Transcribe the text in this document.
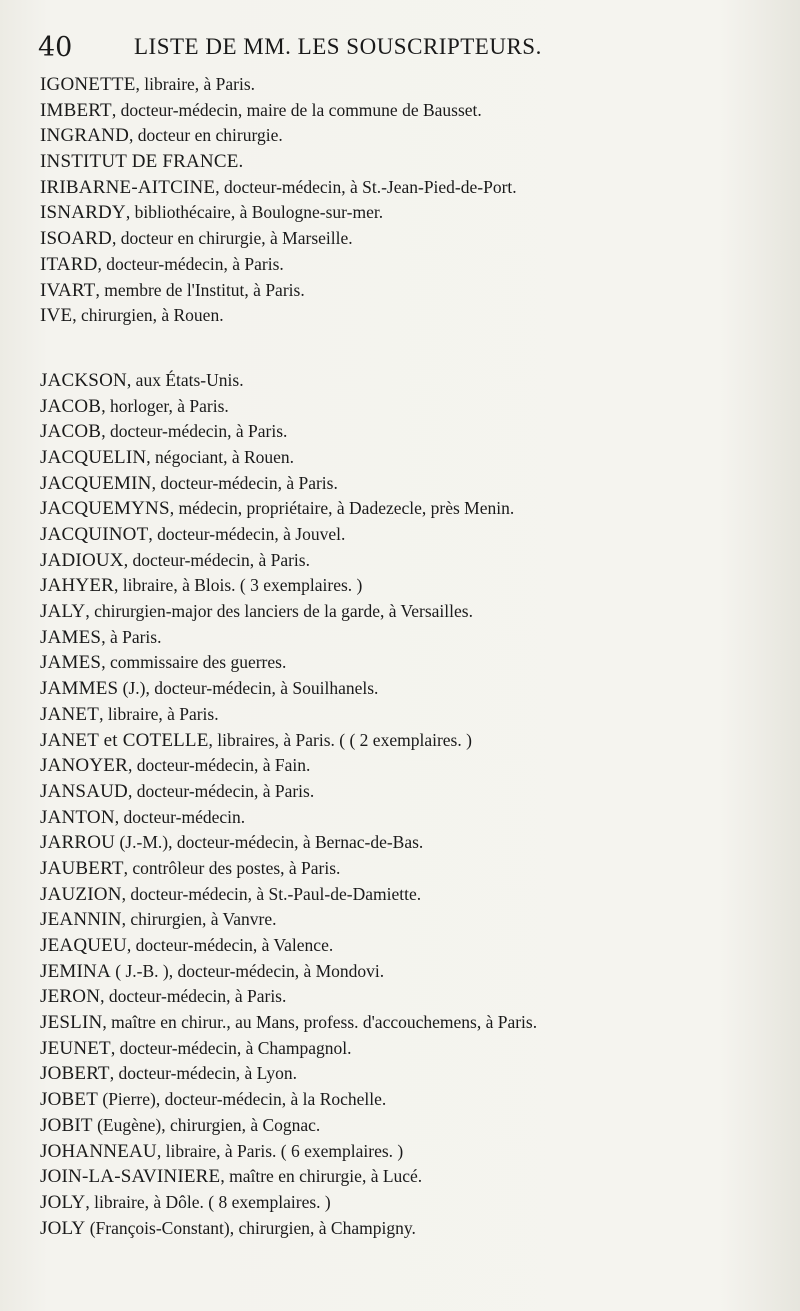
40	LISTE DE MM. LES SOUSCRIPTEURS.
IGONETTE, libraire, à Paris.
IMBERT, docteur-médecin, maire de la commune de Bausset.
INGRAND, docteur en chirurgie.
INSTITUT DE FRANCE.
IRIBARNE-AITCINE, docteur-médecin, à St.-Jean-Pied-de-Port.
ISNARDY, bibliothécaire, à Boulogne-sur-mer.
ISOARD, docteur en chirurgie, à Marseille.
ITARD, docteur-médecin, à Paris.
IVART, membre de l'Institut, à Paris.
IVE, chirurgien, à Rouen.
JACKSON, aux États-Unis.
JACOB, horloger, à Paris.
JACOB, docteur-médecin, à Paris.
JACQUELIN, négociant, à Rouen.
JACQUEMIN, docteur-médecin, à Paris.
JACQUEMYNS, médecin, propriétaire, à Dadezecle, près Menin.
JACQUINOT, docteur-médecin, à Jouvel.
JADIOUX, docteur-médecin, à Paris.
JAHYER, libraire, à Blois. ( 3 exemplaires. )
JALY, chirurgien-major des lanciers de la garde, à Versailles.
JAMES, à Paris.
JAMES, commissaire des guerres.
JAMMES (J.), docteur-médecin, à Souilhanels.
JANET, libraire, à Paris.
JANET et COTELLE, libraires, à Paris. ( ( 2 exemplaires. )
JANOYER, docteur-médecin, à Fain.
JANSAUD, docteur-médecin, à Paris.
JANTON, docteur-médecin.
JARROU (J.-M.), docteur-médecin, à Bernac-de-Bas.
JAUBERT, contrôleur des postes, à Paris.
JAUZION, docteur-médecin, à St.-Paul-de-Damiette.
JEANNIN, chirurgien, à Vanvre.
JEAQUEU, docteur-médecin, à Valence.
JEMINA ( J.-B. ), docteur-médecin, à Mondovi.
JERON, docteur-médecin, à Paris.
JESLIN, maître en chirur., au Mans, profess. d'accouchemens, à Paris.
JEUNET, docteur-médecin, à Champagnol.
JOBERT, docteur-médecin, à Lyon.
JOBET (Pierre), docteur-médecin, à la Rochelle.
JOBIT (Eugène), chirurgien, à Cognac.
JOHANNEAU, libraire, à Paris. ( 6 exemplaires. )
JOIN-LA-SAVINIERE, maître en chirurgie, à Lucé.
JOLY, libraire, à Dôle. ( 8 exemplaires. )
JOLY (François-Constant), chirurgien, à Champigny.
